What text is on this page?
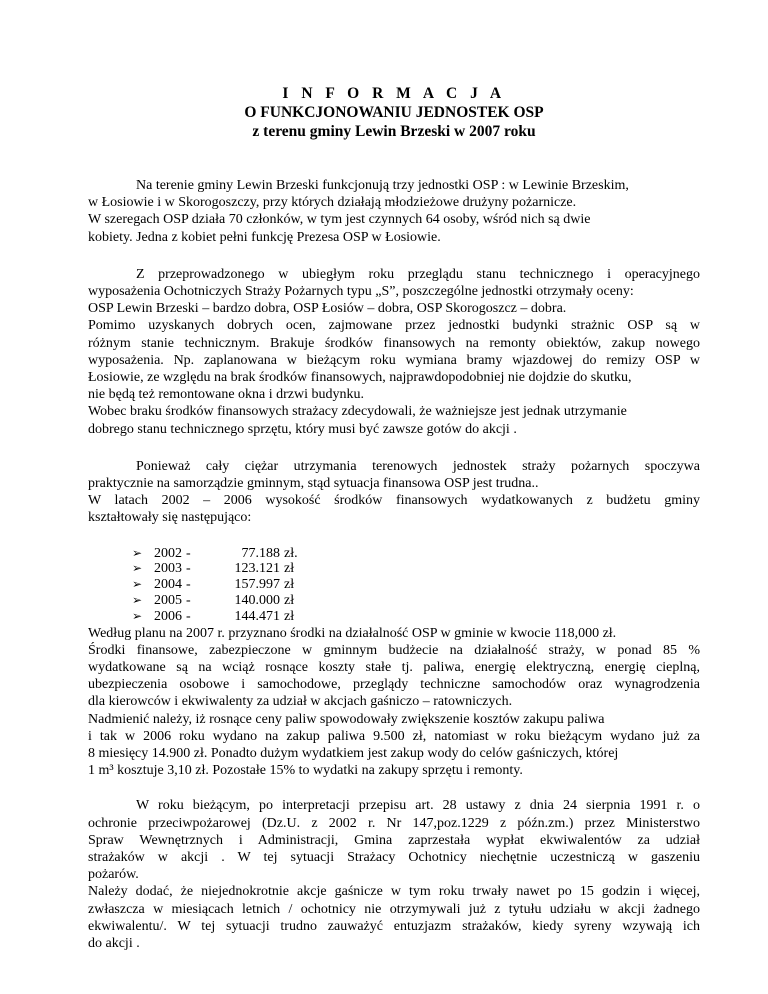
I N F O R M A C J A

O FUNKCJONOWANIU JEDNOSTEK OSP

z terenu gminy Lewin Brzeski w 2007 roku

Na terenie gminy Lewin Brzeski funkcjonują trzy jednostki OSP : w Lewinie Brzeskim,
w Łosiowie i w Skorogoszczy, przy których działają młodzieżowe drużyny pożarnicze.
W szeregach OSP działa 70 członków, w tym jest czynnych 64 osoby, wśród nich są dwie
kobiety. Jedna z kobiet pełni funkcję Prezesa OSP w Łosiowie.
Z przeprowadzonego w ubiegłym roku przeglądu stanu technicznego i operacyjnego
wyposażenia Ochotniczych Straży Pożarnych typu „S”, poszczególne jednostki otrzymały oceny:
OSP Lewin Brzeski – bardzo dobra, OSP Łosiów – dobra, OSP Skorogoszcz – dobra.
Pomimo uzyskanych dobrych ocen, zajmowane przez jednostki budynki strażnic OSP są w
różnym stanie technicznym. Brakuje środków finansowych na remonty obiektów, zakup nowego
wyposażenia. Np. zaplanowana w bieżącym roku wymiana bramy wjazdowej do remizy OSP w
Łosiowie, ze względu na brak środków finansowych, najprawdopodobniej nie dojdzie do skutku,
nie będą też remontowane okna i drzwi budynku.
Wobec braku środków finansowych strażacy zdecydowali, że ważniejsze jest jednak utrzymanie
dobrego stanu technicznego sprzętu, który musi być zawsze gotów do akcji .
Ponieważ cały ciężar utrzymania terenowych jednostek straży pożarnych spoczywa
praktycznie na samorządzie gminnym, stąd sytuacja finansowa OSP jest trudna..
W latach 2002 – 2006 wysokość środków finansowych wydatkowanych z budżetu gminy
kształtowały się następująco:
➢ 2002 -	77.188 zł.
➢ 2003 -	123.121 zł
➢ 2004 -	157.997 zł
➢ 2005 -	140.000 zł
➢ 2006 -	144.471 zł
Według planu na 2007 r. przyznano środki na działalność OSP w gminie w kwocie 118,000 zł.
Środki finansowe, zabezpieczone w gminnym budżecie na działalność straży, w ponad 85 %
wydatkowane są na wciąż rosnące koszty stałe tj. paliwa, energię elektryczną, energię cieplną,
ubezpieczenia osobowe i samochodowe, przeglądy techniczne samochodów oraz wynagrodzenia
dla kierowców i ekwiwalenty za udział w akcjach gaśniczo – ratowniczych.
Nadmienić należy, iż rosnące ceny paliw spowodowały zwiększenie kosztów zakupu paliwa
i tak w 2006 roku wydano na zakup paliwa 9.500 zł, natomiast w roku bieżącym wydano już za
8 miesięcy 14.900 zł. Ponadto dużym wydatkiem jest zakup wody do celów gaśniczych, której
1 m³ kosztuje 3,10 zł. Pozostałe 15% to wydatki na zakupy sprzętu i remonty.
W roku bieżącym, po interpretacji przepisu art. 28 ustawy z dnia 24 sierpnia 1991 r. o
ochronie przeciwpożarowej (Dz.U. z 2002 r. Nr 147,poz.1229 z późn.zm.) przez Ministerstwo
Spraw Wewnętrznych i Administracji, Gmina zaprzestała wypłat ekwiwalentów za udział
strażaków w akcji . W tej sytuacji Strażacy Ochotnicy niechętnie uczestniczą w gaszeniu
pożarów.
Należy dodać, że niejednokrotnie akcje gaśnicze w tym roku trwały nawet po 15 godzin i więcej,
zwłaszcza w miesiącach letnich / ochotnicy nie otrzymywali już z tytułu udziału w akcji żadnego
ekwiwalentu/. W tej sytuacji trudno zauważyć entuzjazm strażaków, kiedy syreny wzywają ich
do akcji .
